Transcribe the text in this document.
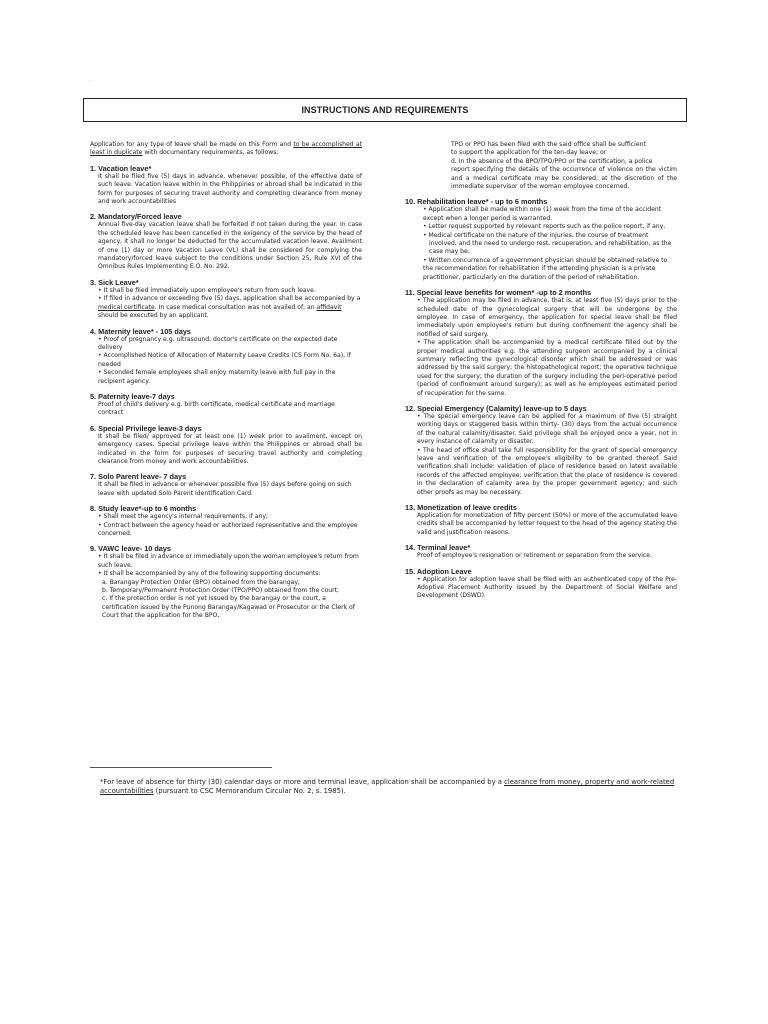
.
INSTRUCTIONS AND REQUIREMENTS

Application for any type of leave shall be made on this Form and to be accomplished at least in duplicate with documentary requirements, as follows:

1. Vacation leave*

It shall be filed five (5) days in advance, whenever possible, of the effective date of such leave. Vacation leave within in the Philippines or abroad shall be indicated in the form for purposes of securing travel authority and completing clearance from money and work accountabilities

2. Mandatory/Forced leave

Annual five-day vacation leave shall be forfeited if not taken during the year. In case the scheduled leave has been cancelled in the exigency of the service by the head of agency, it shall no longer be deducted for the accumulated vacation leave. Availment of one (1) day or more Vacation Leave (VL) shall be considered for complying the mandatory/forced leave subject to the conditions under Section 25, Rule XVI of the Omnibus Rules Implementing E.O. No. 292.

3. Sick Leave*

• It shall be filed immediately upon employee's return from such leave.

• If filed in advance or exceeding five (5) days, application shall be accompanied by a medical certificate. In case medical consultation was not availed of, an affidavit should be executed by an applicant.

4. Maternity leave* - 105 days

• Proof of pregnancy e.g. ultrasound, doctor's certificate on the expected date delivery

• Accomplished Notice of Allocation of Maternity Leave Credits (CS Form No. 6a), if needed

• Seconded female employees shall enjoy maternity leave with full pay in the recipient agency.

5. Paternity leave-7 days

Proof of child's delivery e.g. birth certificate, medical certificate and marriage contract

6. Special Privilege leave-3 days

It shall be filed/ approved for at least one (1) week prior to availment, except on emergency cases. Special privilege leave within the Philippines or abroad shall be indicated in the form for purposes of securing travel authority and completing clearance from money and work accountabilities.

7. Solo Parent leave- 7 days

It shall be filed in advance or whenever possible five (5) days before going on such leave with updated Solo Parent Identification Card.

8. Study leave*-up to 6 months

• Shall meet the agency's internal requirements, if any;

• Contract between the agency head or authorized representative and the employee concerned.

9. VAWC leave- 10 days

• It shall be filed in advance or immediately upon the woman employee's return from such leave.

• It shall be accompanied by any of the following supporting documents:

a. Barangay Protection Order (BPO) obtained from the barangay;

b. Temporary/Permanent Protection Order (TPO/PPO) obtained from the court;

c. If the protection order is not yet issued by the barangay or the court, a certification issued by the Punong Barangay/Kagawad or Prosecutor or the Clerk of Court that the application for the BPO,

TPO or PPO has been filed with the said office shall be sufficient

to support the application for the ten-day leave; or

d. In the absence of the BPO/TPO/PPO or the certification, a police

report specifying the details of the occurrence of violence on the victim and a medical certificate may be considered, at the discretion of the immediate supervisor of the woman employee concerned.

10. Rehabilitation leave* - up to 6 months

• Application shall be made within one (1) week from the time of the accident except when a longer period is warranted.

• Letter request supported by relevant reports such as the police report, if any,

• Medical certificate on the nature of the injuries, the course of treatment

involved, and the need to undergo rest, recuperation, and rehabilitation, as the case may be.

• Written concurrence of a government physician should be obtained relative to the recommendation for rehabilitation if the attending physician is a private practitioner, particularly on the duration of the period of rehabilitation.

11. Special leave benefits for women* -up to 2 months

• The application may be filed in advance, that is, at least five (5) days prior to the scheduled date of the gynecological surgery that will be undergone by the employee. In case of emergency, the application for special leave shall be filed immediately upon employee's return but during confinement the agency shall be notified of said surgery.

• The application shall be accompanied by a medical certificate filled out by the proper medical authorities e.g. the attending surgeon accompanied by a clinical summary reflecting the gynecological disorder which shall be addressed or was addressed by the said surgery; the histopathological report; the operative technique used for the surgery; the duration of the surgery including the peri-operative period (period of confinement around surgery); as well as he employees estimated period of recuperation for the same.

12. Special Emergency (Calamity) leave-up to 5 days

• The special emergency leave can be applied for a maximum of five (5) straight working days or staggered basis within thirty- (30) days from the actual occurrence of the natural calamity/disaster. Said privilege shall be enjoyed once a year, not in every instance of calamity or disaster.

• The head of office shall take full responsibility for the grant of special emergency leave and verification of the employee's eligibility to be granted thereof. Said verification shall include: validation of place of residence based on latest available records of the affected employee; verification that the place of residence is covered in the declaration of calamity area by the proper government agency; and such other proofs as may be necessary.

13. Monetization of leave credits

Application for monetization of fifty percent (50%) or more of the accumulated leave credits shall be accompanied by letter request to the head of the agency stating the valid and justification reasons.

14. Terminal leave*

Proof of employee's resignation or retirement or separation from the service.

15. Adoption Leave

• Application for adoption leave shall be filed with an authenticated copy of the Pre-Adoptive Placement Authority issued by the Department of Social Welfare and Development (DSWD).

*For leave of absence for thirty (30) calendar days or more and terminal leave, application shall be accompanied by a clearance from money, property and work-related accountabilities (pursuant to CSC Memorandum Circular No. 2, s. 1985).
